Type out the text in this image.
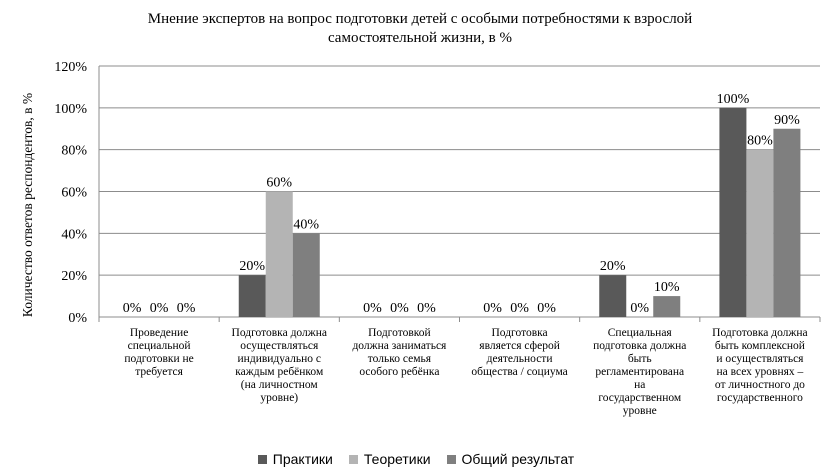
Мнение экспертов на вопрос подготовки детей с особыми потребностями к взрослой
самостоятельной жизни, в %
Количество ответов респондентов, в %
0%
20%
40%
60%
80%
100%
120%
0%
20%
0%	0%
20%
100%
0%
60%
0%	0%	0%
80%
0%
40%
0%	0%
10%
90%
Проведение
специальной
подготовки не
требуется
Подготовка должна
осуществляться
индивидуально с
каждым ребёнком
(на личностном
уровне)
Подготовкой
должна заниматься
только семья
особого ребёнка
Подготовка
является сферой
деятельности
общества / социума
Специальная
подготовка должна
быть
регламентирована
на
государственном
уровне
Подготовка должна
быть комплексной
и осуществляться
на всех уровнях –
от личностного до
государственного
Практики Теоретики Общий результат
